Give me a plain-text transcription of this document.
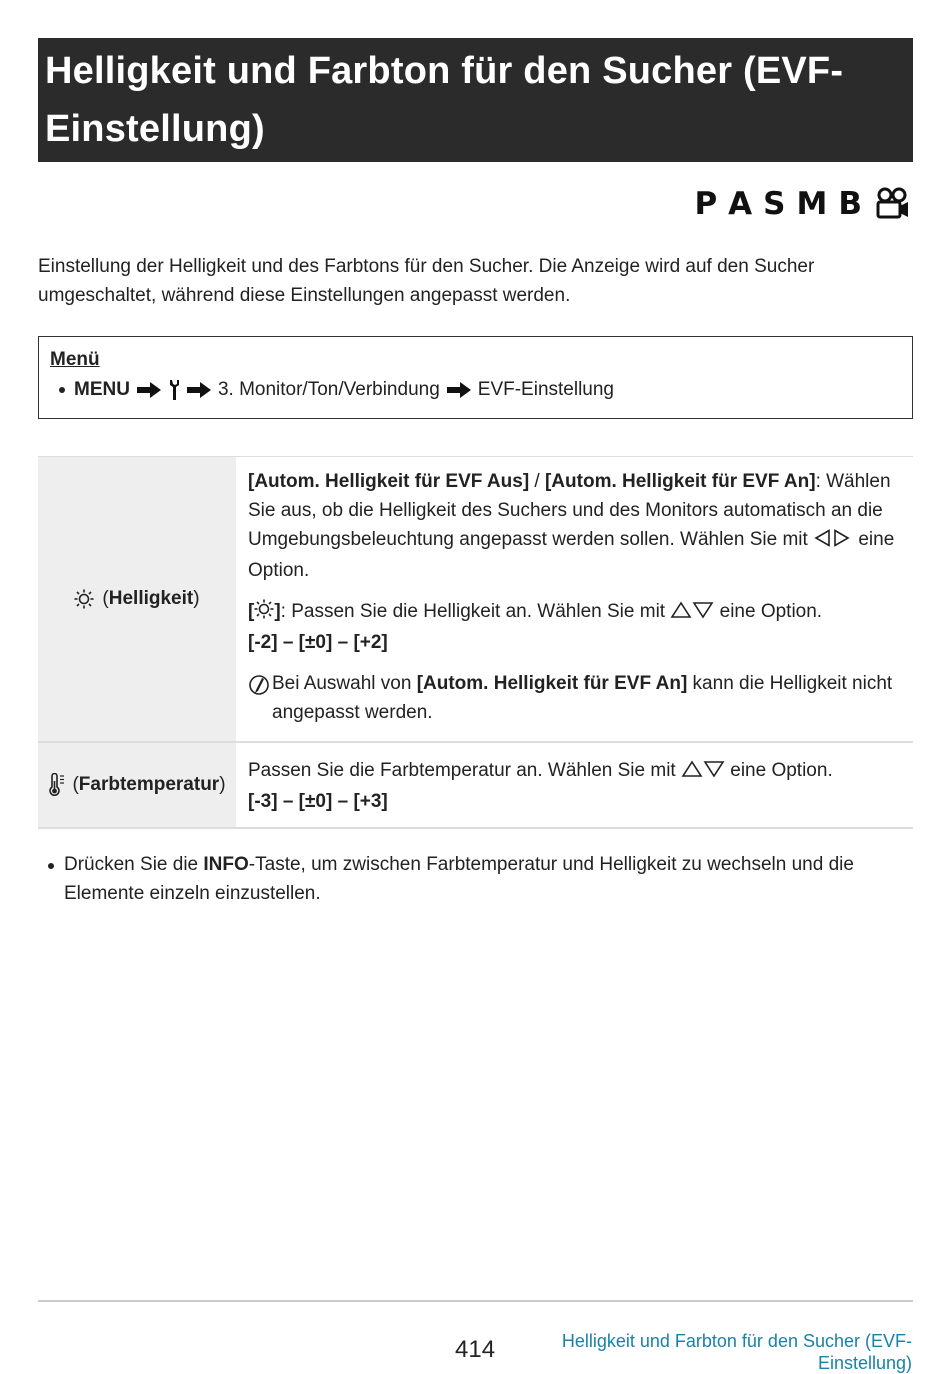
Helligkeit und Farbton für den Sucher (EVF-
Einstellung)
P A S M B

Einstellung der Helligkeit und des Farbtons für den Sucher. Die Anzeige wird auf den Sucher umgeschaltet, während diese Einstellungen angepasst werden.

Menü
MENU	3. Monitor/Ton/Verbindung EVF-Einstellung
( Helligkeit )

[Autom. Helligkeit für EVF Aus] / [Autom. Helligkeit für EVF An]: Wählen Sie aus, ob die Helligkeit des Suchers und des Monitors automatisch an die Umgebungsbeleuchtung angepasst werden sollen. Wählen Sie mit  eine Option.

[ ]: Passen Sie die Helligkeit an. Wählen Sie mit  eine Option.

[-2] – [±0] – [+2]

Bei Auswahl von [Autom. Helligkeit für EVF An] kann die Helligkeit nicht angepasst werden.
( Farbtemperatur )

Passen Sie die Farbtemperatur an. Wählen Sie mit  eine Option.

[-3] – [±0] – [+3]

Drücken Sie die INFO-Taste, um zwischen Farbtemperatur und Helligkeit zu wechseln und die Elemente einzeln einzustellen.
414	Helligkeit und Farbton für den Sucher (EVF-Einstellung)
